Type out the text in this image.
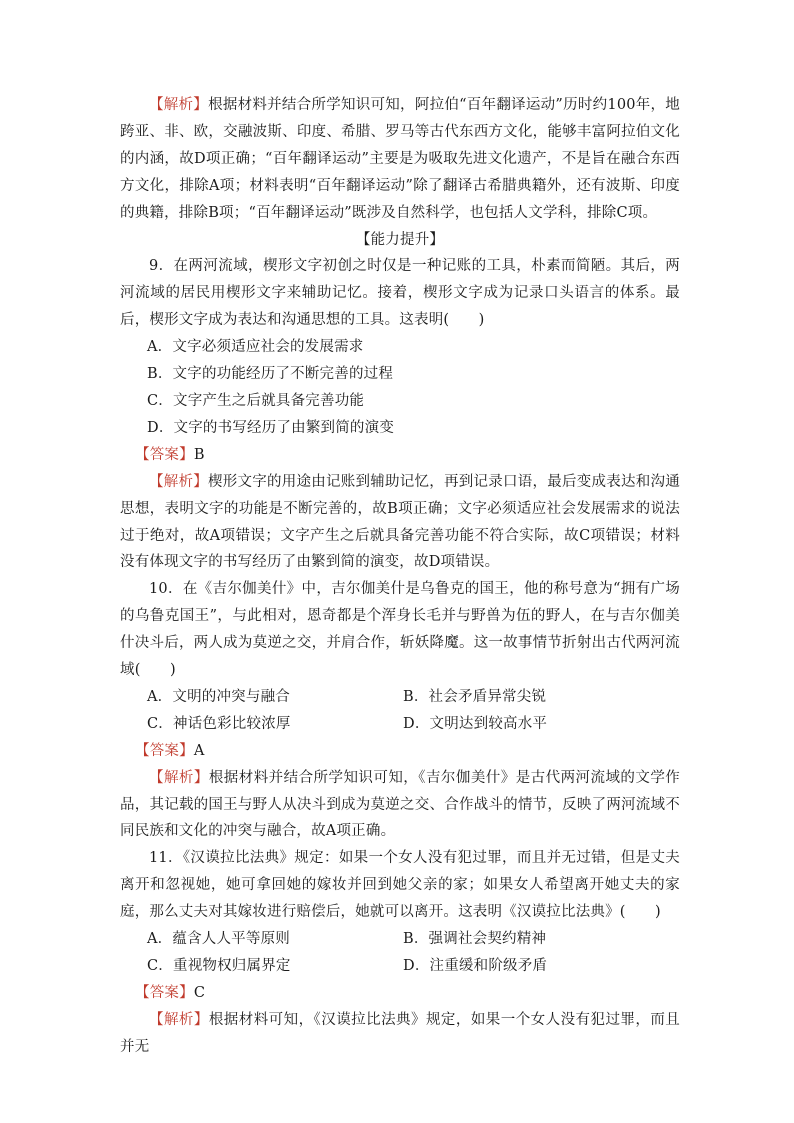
【解析】根据材料并结合所学知识可知，阿拉伯“百年翻译运动”历时约100年，地跨亚、非、欧，交融波斯、印度、希腊、罗马等古代东西方文化，能够丰富阿拉伯文化的内涵，故D项正确；“百年翻译运动”主要是为吸取先进文化遗产，不是旨在融合东西方文化，排除A项；材料表明“百年翻译运动”除了翻译古希腊典籍外，还有波斯、印度的典籍，排除B项；“百年翻译运动”既涉及自然科学，也包括人文学科，排除C项。

【能力提升】

9．在两河流域，楔形文字初创之时仅是一种记账的工具，朴素而简陋。其后，两河流域的居民用楔形文字来辅助记忆。接着，楔形文字成为记录口头语言的体系。最后，楔形文字成为表达和沟通思想的工具。这表明(　　)

A．文字必须适应社会的发展需求
B．文字的功能经历了不断完善的过程
C．文字产生之后就具备完善功能
D．文字的书写经历了由繁到简的演变

【答案】B

【解析】楔形文字的用途由记账到辅助记忆，再到记录口语，最后变成表达和沟通思想，表明文字的功能是不断完善的，故B项正确；文字必须适应社会发展需求的说法过于绝对，故A项错误；文字产生之后就具备完善功能不符合实际，故C项错误；材料没有体现文字的书写经历了由繁到简的演变，故D项错误。

10．在《吉尔伽美什》中，吉尔伽美什是乌鲁克的国王，他的称号意为“拥有广场的乌鲁克国王”，与此相对，恩奇都是个浑身长毛并与野兽为伍的野人，在与吉尔伽美什决斗后，两人成为莫逆之交，并肩合作，斩妖降魔。这一故事情节折射出古代两河流域(　　)

A．文明的冲突与融合	B．社会矛盾异常尖锐
C．神话色彩比较浓厚	D．文明达到较高水平

【答案】A

【解析】根据材料并结合所学知识可知，《吉尔伽美什》是古代两河流域的文学作品，其记载的国王与野人从决斗到成为莫逆之交、合作战斗的情节，反映了两河流域不同民族和文化的冲突与融合，故A项正确。

11．《汉谟拉比法典》规定：如果一个女人没有犯过罪，而且并无过错，但是丈夫离开和忽视她，她可拿回她的嫁妆并回到她父亲的家；如果女人希望离开她丈夫的家庭，那么丈夫对其嫁妆进行赔偿后，她就可以离开。这表明《汉谟拉比法典》(　　)

A．蕴含人人平等原则	B．强调社会契约精神
C．重视物权归属界定	D．注重缓和阶级矛盾

【答案】C

【解析】根据材料可知，《汉谟拉比法典》规定，如果一个女人没有犯过罪，而且并无
